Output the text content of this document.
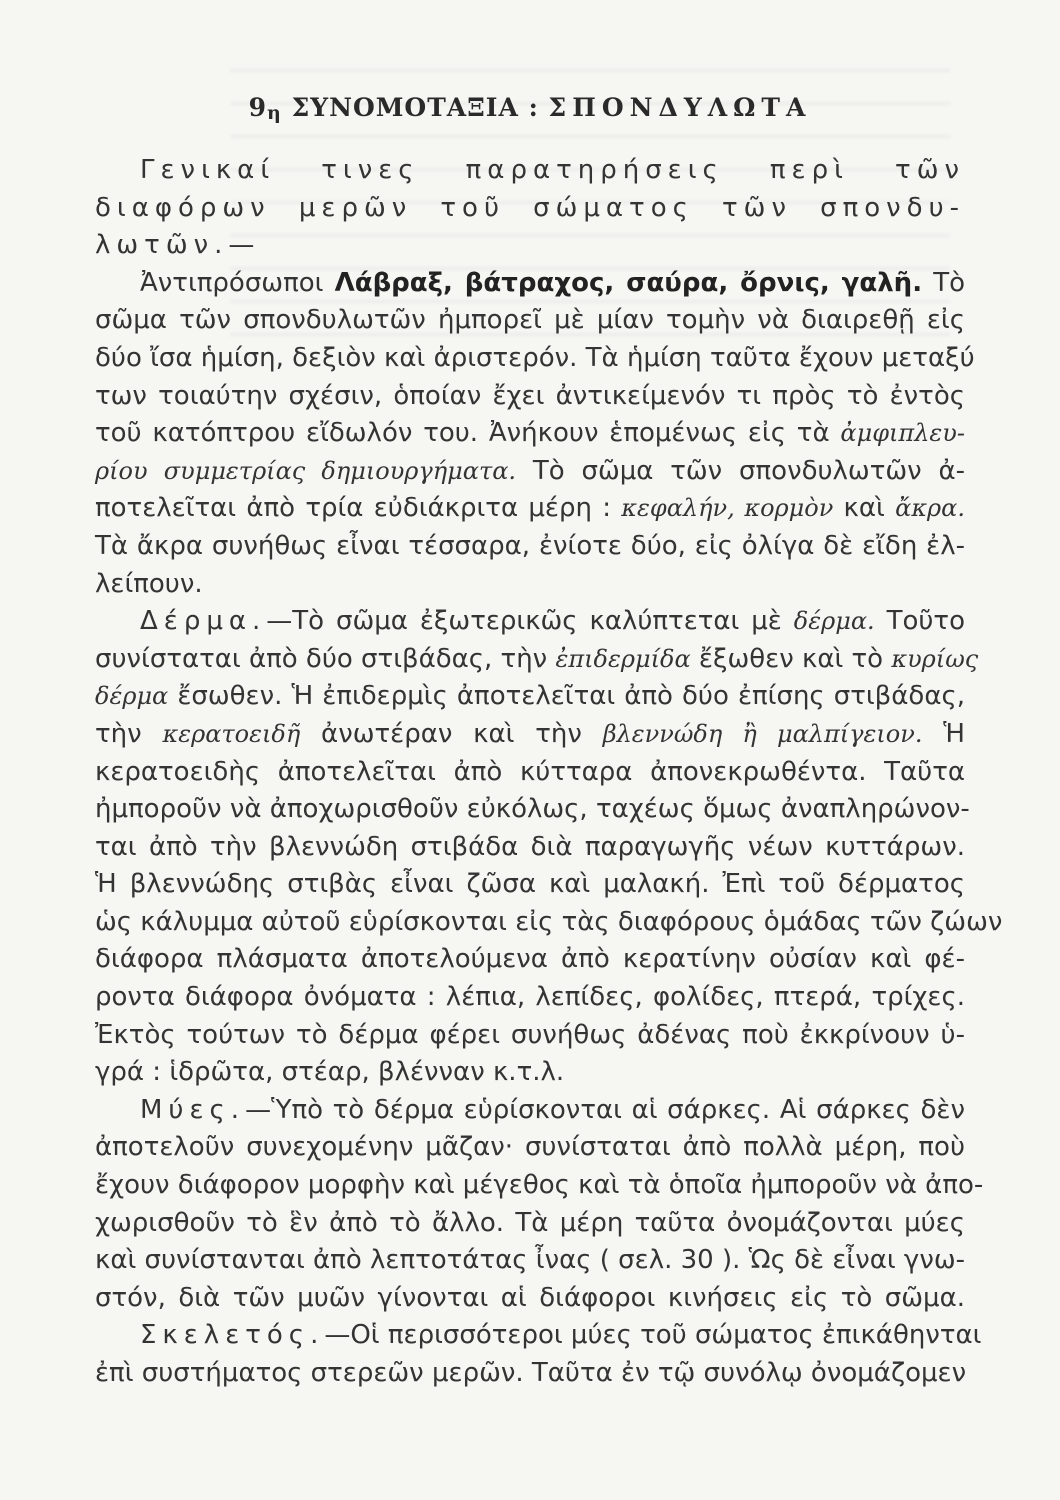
9η ΣΥΝΟΜΟΤΑΞΙΑ : ΣΠΟΝΔΥΛΩΤΑ
Γενικαί τινες παρατηρήσεις περὶ τῶν
διαφόρων μερῶν τοῦ σώματος τῶν σπονδυ-
λωτῶν.—
Ἀντιπρόσωποι Λάβραξ, βάτραχος, σαύρα, ὄρνις, γαλῆ. Τὸ
σῶμα τῶν σπονδυλωτῶν ἠμπορεῖ μὲ μίαν τομὴν νὰ διαιρεθῇ εἰς
δύο ἴσα ἡμίση, δεξιὸν καὶ ἀριστερόν. Τὰ ἡμίση ταῦτα ἔχουν μεταξύ
των τοιαύτην σχέσιν, ὁποίαν ἔχει ἀντικείμενόν τι πρὸς τὸ ἐντὸς
τοῦ κατόπτρου εἴδωλόν του. Ἀνήκουν ἑπομένως εἰς τὰ ἀμφιπλευ-
ρίου συμμετρίας δημιουργήματα. Τὸ σῶμα τῶν σπονδυλωτῶν ἀ-
ποτελεῖται ἀπὸ τρία εὐδιάκριτα μέρη : κεφαλήν, κορμὸν καὶ ἄκρα.
Τὰ ἄκρα συνήθως εἶναι τέσσαρα, ἐνίοτε δύο, εἰς ὀλίγα δὲ εἴδη ἐλ-
λείπουν.
Δέρμα.—Τὸ σῶμα ἐξωτερικῶς καλύπτεται μὲ δέρμα. Τοῦτο
συνίσταται ἀπὸ δύο στιβάδας, τὴν ἐπιδερμίδα ἔξωθεν καὶ τὸ κυρίως
δέρμα ἔσωθεν. Ἡ ἐπιδερμὶς ἀποτελεῖται ἀπὸ δύο ἐπίσης στιβάδας,
τὴν κερατοειδῆ ἀνωτέραν καὶ τὴν βλεννώδη ἢ μαλπίγειον. Ἡ
κερατοειδὴς ἀποτελεῖται ἀπὸ κύτταρα ἀπονεκρωθέντα. Ταῦτα
ἠμποροῦν νὰ ἀποχωρισθοῦν εὐκόλως, ταχέως ὅμως ἀναπληρώνον-
ται ἀπὸ τὴν βλεννώδη στιβάδα διὰ παραγωγῆς νέων κυττάρων.
Ἡ βλεννώδης στιβὰς εἶναι ζῶσα καὶ μαλακή. Ἐπὶ τοῦ δέρματος
ὡς κάλυμμα αὐτοῦ εὑρίσκονται εἰς τὰς διαφόρους ὁμάδας τῶν ζώων
διάφορα πλάσματα ἀποτελούμενα ἀπὸ κερατίνην οὐσίαν καὶ φέ-
ροντα διάφορα ὀνόματα : λέπια, λεπίδες, φολίδες, πτερά, τρίχες.
Ἐκτὸς τούτων τὸ δέρμα φέρει συνήθως ἀδένας ποὺ ἐκκρίνουν ὑ-
γρά : ἱδρῶτα, στέαρ, βλένναν κ.τ.λ.
Μύες.—Ὑπὸ τὸ δέρμα εὑρίσκονται αἱ σάρκες. Αἱ σάρκες δὲν
ἀποτελοῦν συνεχομένην μᾶζαν· συνίσταται ἀπὸ πολλὰ μέρη, ποὺ
ἔχουν διάφορον μορφὴν καὶ μέγεθος καὶ τὰ ὁποῖα ἠμποροῦν νὰ ἀπο-
χωρισθοῦν τὸ ἓν ἀπὸ τὸ ἄλλο. Τὰ μέρη ταῦτα ὀνομάζονται μύες
καὶ συνίστανται ἀπὸ λεπτοτάτας ἶνας ( σελ. 30 ). Ὡς δὲ εἶναι γνω-
στόν, διὰ τῶν μυῶν γίνονται αἱ διάφοροι κινήσεις εἰς τὸ σῶμα.
Σκελετός.—Οἱ περισσότεροι μύες τοῦ σώματος ἐπικάθηνται
ἐπὶ συστήματος στερεῶν μερῶν. Ταῦτα ἐν τῷ συνόλῳ ὀνομάζομεν
